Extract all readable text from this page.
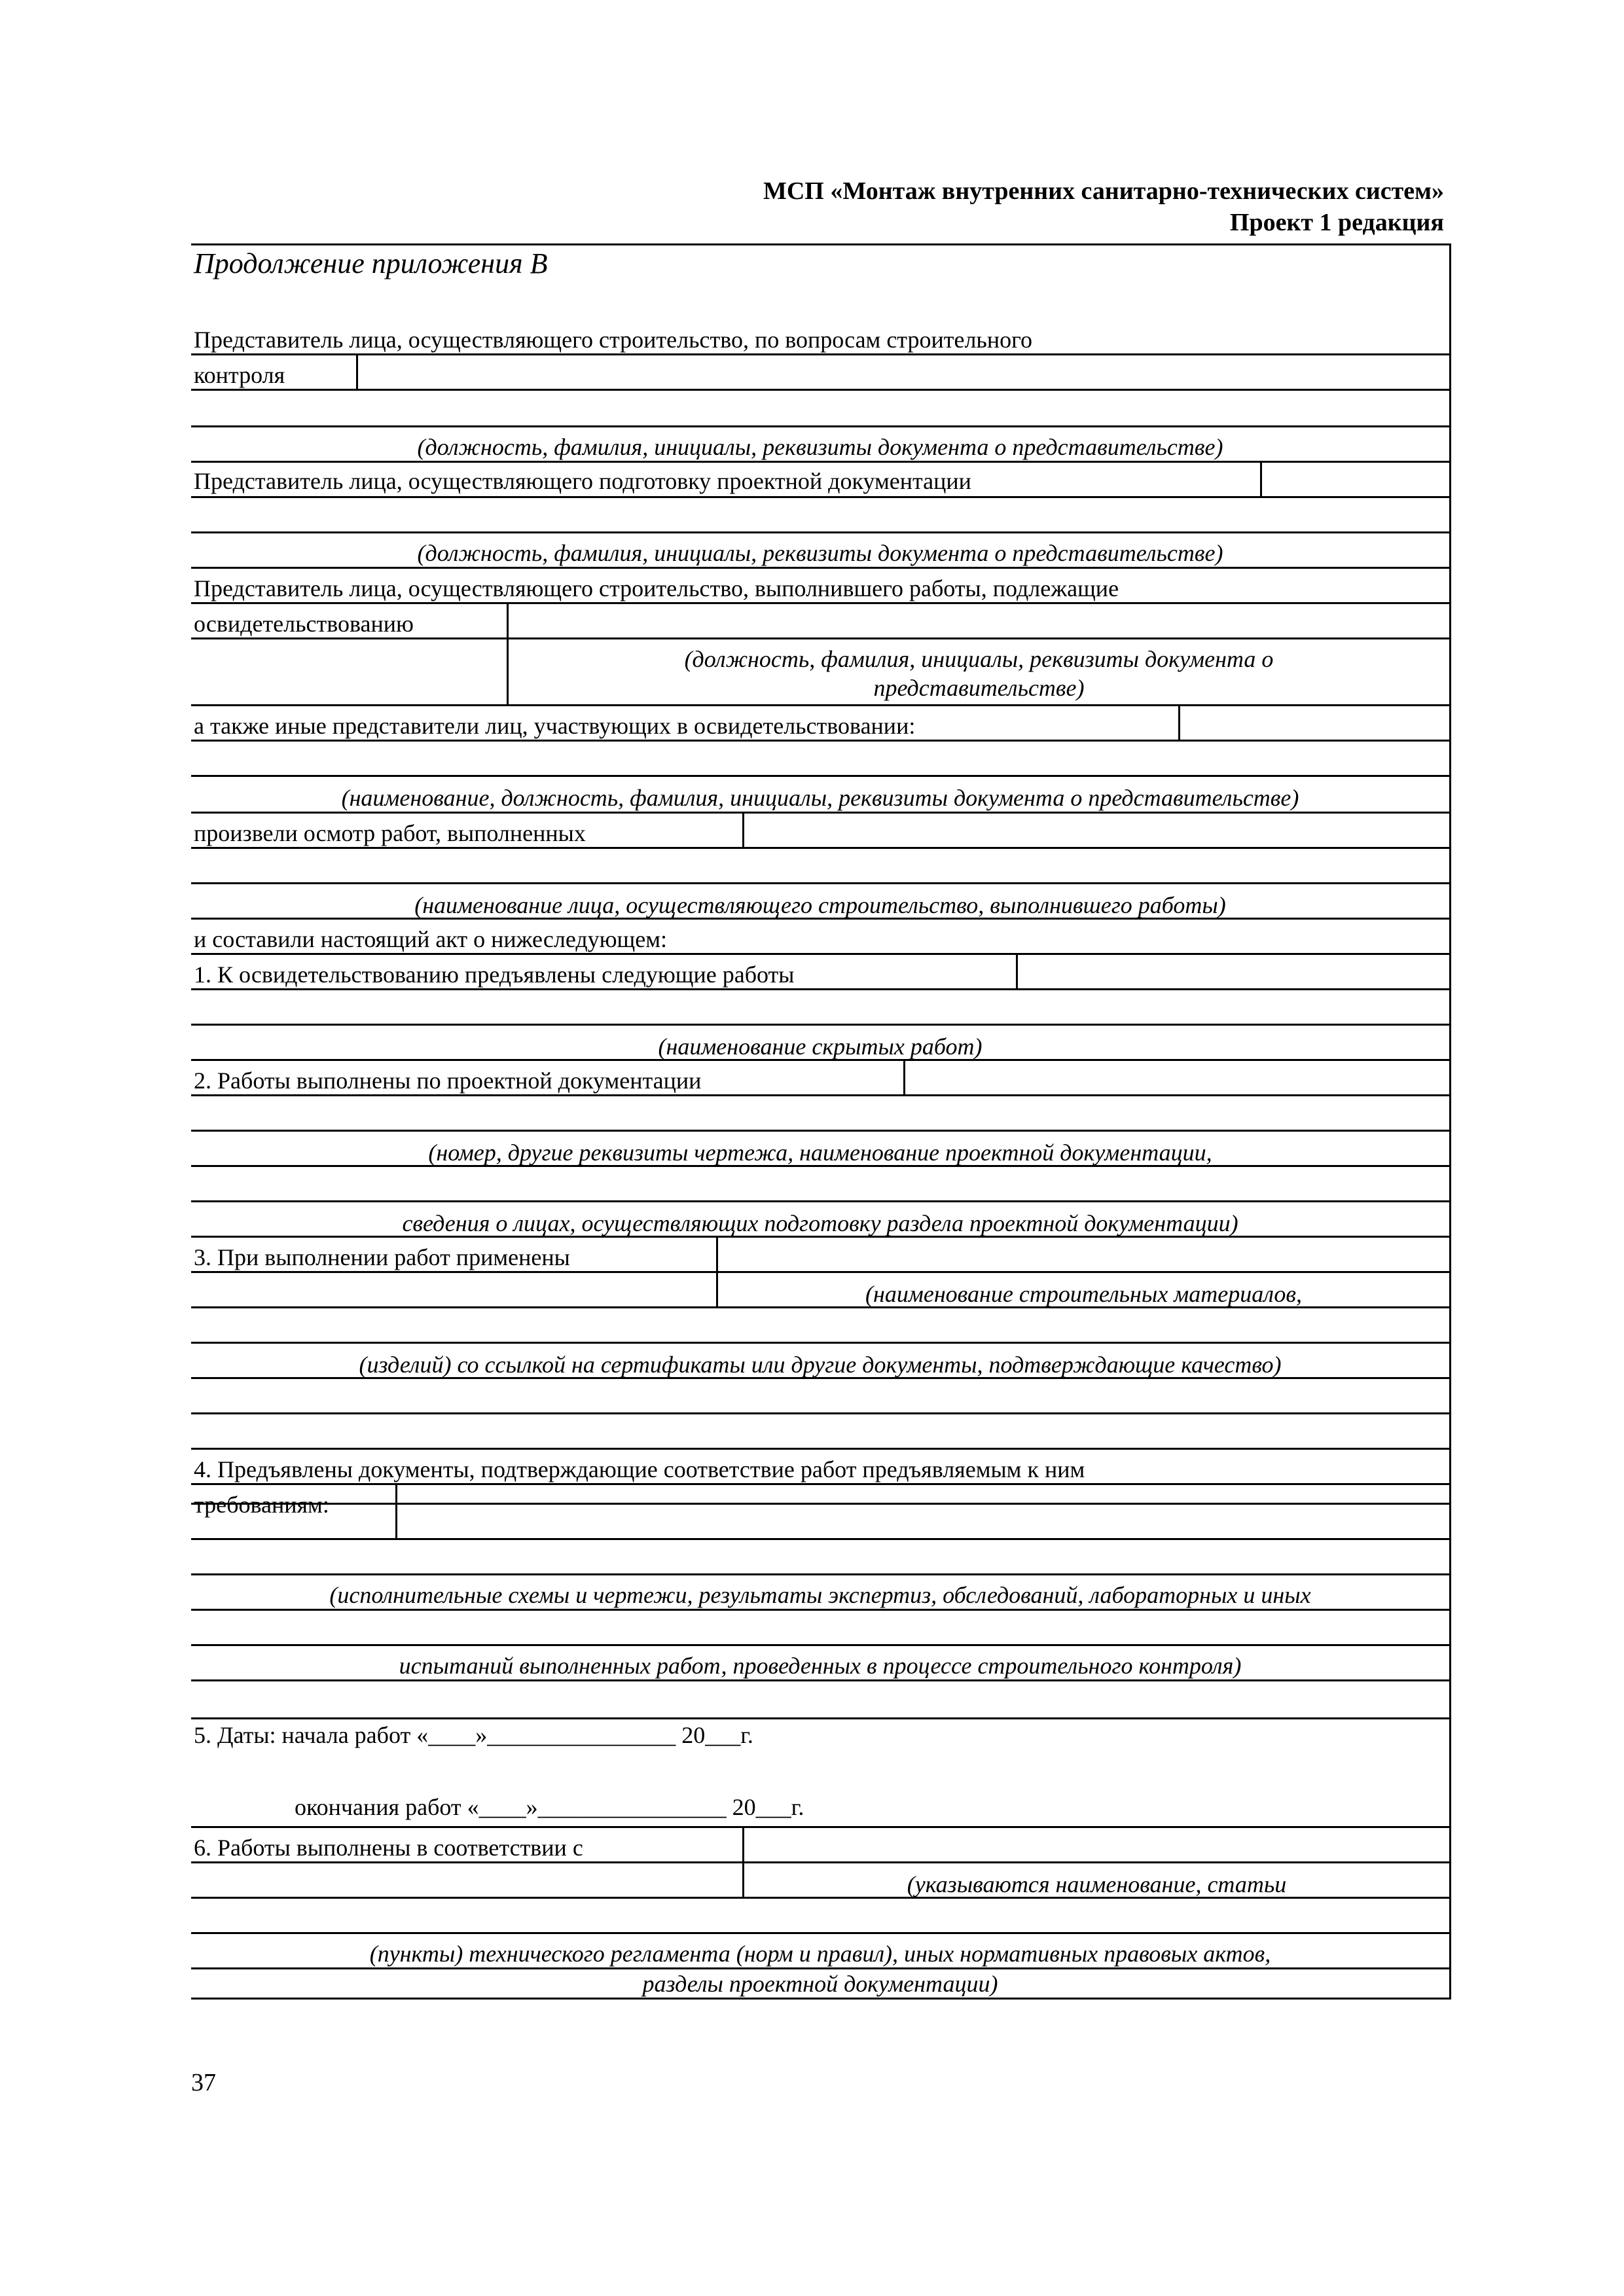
МСП «Монтаж внутренних санитарно-технических систем»
Проект 1 редакция
Продолжение приложения В
Представитель лица, осуществляющего строительство, по вопросам строительного
контроля
(должность, фамилия, инициалы, реквизиты документа о представительстве)
Представитель лица, осуществляющего подготовку проектной документации
(должность, фамилия, инициалы, реквизиты документа о представительстве)
Представитель лица, осуществляющего строительство, выполнившего работы, подлежащие
освидетельствованию
(должность, фамилия, инициалы, реквизиты документа о
представительстве)
а также иные представители лиц, участвующих в освидетельствовании:
(наименование, должность, фамилия, инициалы, реквизиты документа о представительстве)
произвели осмотр работ, выполненных
(наименование лица, осуществляющего строительство, выполнившего работы)
и составили настоящий акт о нижеследующем:
1. К освидетельствованию предъявлены следующие работы
(наименование скрытых работ)
2. Работы выполнены по проектной документации
(номер, другие реквизиты чертежа, наименование проектной документации,
сведения о лицах, осуществляющих подготовку раздела проектной документации)
3. При выполнении работ применены
(наименование строительных материалов,
(изделий) со ссылкой на сертификаты или другие документы, подтверждающие качество)
4. Предъявлены документы, подтверждающие соответствие работ предъявляемым к ним
требованиям:
(исполнительные схемы и чертежи, результаты экспертиз, обследований, лабораторных и иных
испытаний выполненных работ, проведенных в процессе строительного контроля)
5. Даты: начала работ «____»________________ 20___г.
окончания работ «____»________________ 20___г.
6. Работы выполнены в соответствии с
(указываются наименование, статьи
(пункты) технического регламента (норм и правил), иных нормативных правовых актов,
разделы проектной документации)
37
